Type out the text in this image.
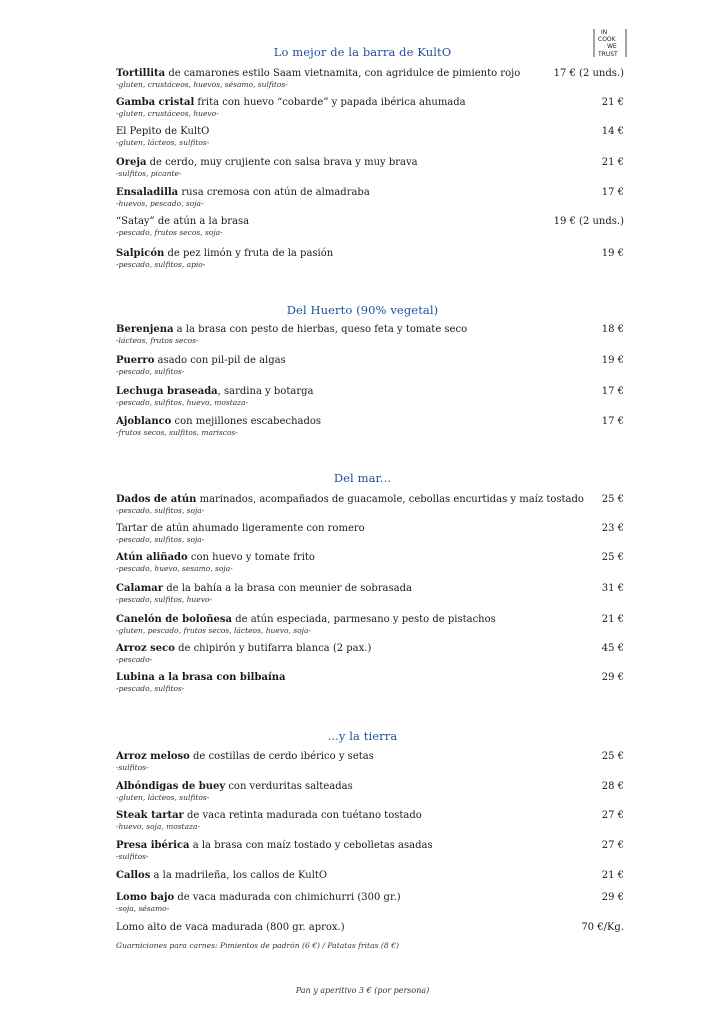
IN
COOK
WE
TRUST
Lo mejor de la barra de KultO
Tortillita de camarones estilo Saam vietnamita, con agridulce de pimiento rojo	17 € (2 unds.)
-gluten, crustáceos, huevos, sésamo, sulfitos-
Gamba cristal frita con huevo “cobarde” y papada ibérica ahumada	21 €
-gluten, crustáceos, huevo-
El Pepito de KultO	14 €
-gluten, lácteos, sulfitos-
Oreja de cerdo, muy crujiente con salsa brava y muy brava	21 €
-sulfitos, picante-
Ensaladilla rusa cremosa con atún de almadraba	17 €
-huevos, pescado, soja-
“Satay” de atún a la brasa	19 € (2 unds.)
-pescado, frutos secos, soja-
Salpicón de pez limón y fruta de la pasión	19 €
-pescado, sulfitos, apio-
Del Huerto (90% vegetal)
Berenjena a la brasa con pesto de hierbas, queso feta y tomate seco	18 €
-lácteos, frutos secos-
Puerro asado con pil-pil de algas	19 €
-pescado, sulfitos-
Lechuga braseada, sardina y botarga	17 €
-pescado, sulfitos, huevo, mostaza-
Ajoblanco con mejillones escabechados	17 €
-frutos secos, sulfitos, mariscos-
Del mar...
Dados de atún marinados, acompañados de guacamole, cebollas encurtidas y maíz tostado 25 €
-pescado, sulfitos, soja-
Tartar de atún ahumado ligeramente con romero	23 €
-pescado, sulfitos, soja-
Atún aliñado con huevo y tomate frito	25 €
-pescado, huevo, sesamo, soja-
Calamar de la bahía a la brasa con meunier de sobrasada	31 €
-pescado, sulfitos, huevo-
Canelón de boloñesa de atún especiada, parmesano y pesto de pistachos	21 €
-gluten, pescado, frutos secos, lácteos, huevo, soja-
Arroz seco de chipirón y butifarra blanca (2 pax.)	45 €
-pescado-
Lubina a la brasa con bilbaína	29 €
-pescado, sulfitos-
...y la tierra
Arroz meloso de costillas de cerdo ibérico y setas	25 €
-sulfitos-
Albóndigas de buey con verduritas salteadas	28 €
-gluten, lácteos, sulfitos-
Steak tartar de vaca retinta madurada con tuétano tostado	27 €
-huevo, soja, mostaza-
Presa ibérica a la brasa con maíz tostado y cebolletas asadas	27 €
-sulfitos-
Callos a la madrileña, los callos de KultO	21 €
Lomo bajo de vaca madurada con chimichurri (300 gr.)	29 €
-soja, sésamo-
Lomo alto de vaca madurada (800 gr. aprox.)	70 €/Kg.
Guarniciones para carnes: Pimientos de padrón (6 €) / Patatas fritas (8 €)
Pan y aperitivo 3 € (por persona)
